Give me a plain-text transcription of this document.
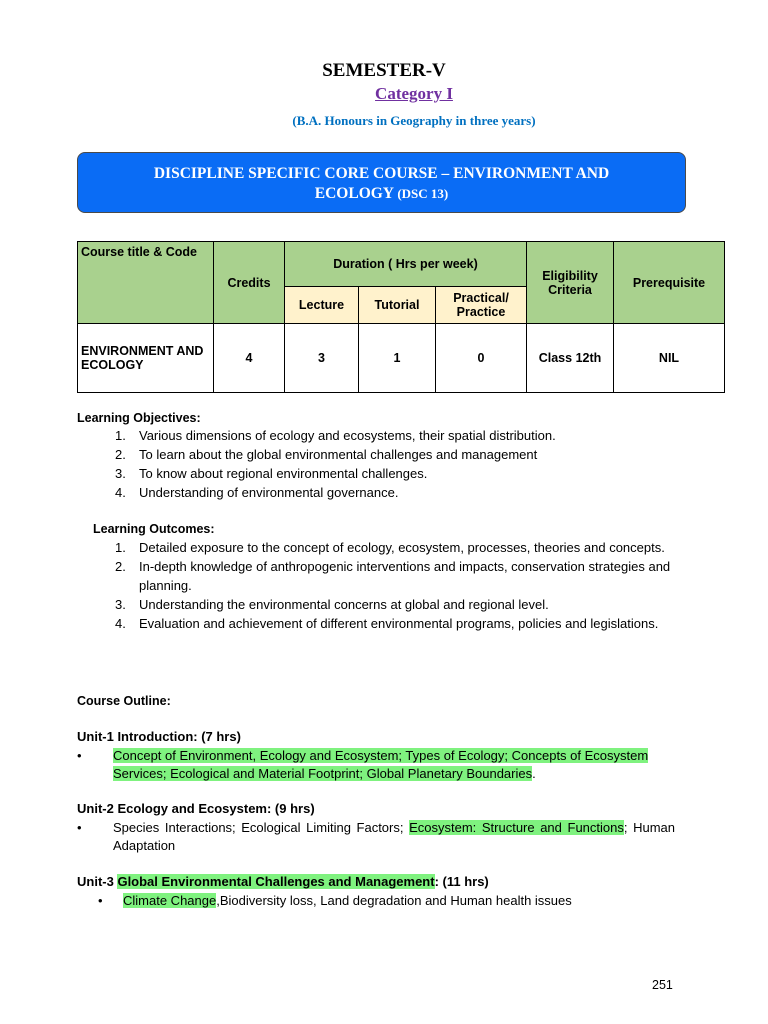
SEMESTER-V
Category I
(B.A. Honours in Geography in three years)
DISCIPLINE SPECIFIC CORE COURSE – ENVIRONMENT AND
ECOLOGY (DSC 13)
Course title & Code	Credits	Duration ( Hrs per week)			Eligibility Criteria	Prerequisite
		Lecture	Tutorial	Practical/ Practice		
ENVIRONMENT AND ECOLOGY	4	3	1	0	Class 12th	NIL
Learning Objectives:
1. Various dimensions of ecology and ecosystems, their spatial distribution.
2. To learn about the global environmental challenges and management
3. To know about regional environmental challenges.
4. Understanding of environmental governance.
Learning Outcomes:
1. Detailed exposure to the concept of ecology, ecosystem, processes, theories and concepts.
2. In-depth knowledge of anthropogenic interventions and impacts, conservation strategies and planning.
3. Understanding the environmental concerns at global and regional level.
4. Evaluation and achievement of different environmental programs, policies and legislations.
Course Outline:
Unit-1 Introduction: (7 hrs)
• Concept of Environment, Ecology and Ecosystem; Types of Ecology; Concepts of Ecosystem Services; Ecological and Material Footprint; Global Planetary Boundaries.
Unit-2 Ecology and Ecosystem: (9 hrs)
• Species Interactions; Ecological Limiting Factors; Ecosystem: Structure and Functions; Human Adaptation
Unit-3 Global Environmental Challenges and Management: (11 hrs)
• Climate Change,Biodiversity loss, Land degradation and Human health issues
251
